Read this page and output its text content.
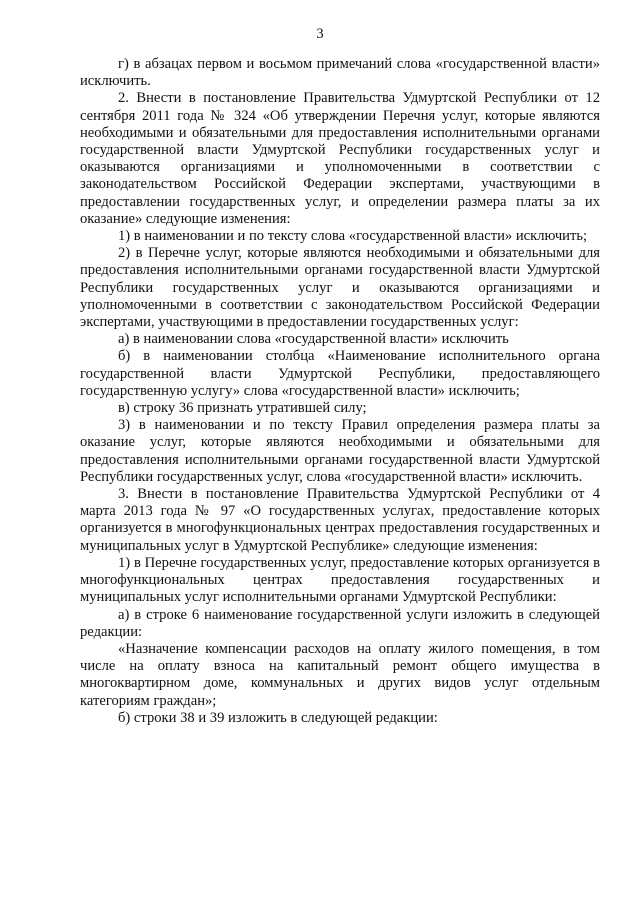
3

г) в абзацах первом и восьмом примечаний слова «государственной власти» исключить.

2. Внести в постановление Правительства Удмуртской Республики от 12 сентября 2011 года № 324 «Об утверждении Перечня услуг, которые являются необходимыми и обязательными для предоставления исполнительными органами государственной власти Удмуртской Республики государственных услуг и оказываются организациями и уполномоченными в соответствии с законодательством Российской Федерации экспертами, участвующими в предоставлении государственных услуг, и определении размера платы за их оказание» следующие изменения:

1) в наименовании и по тексту слова «государственной власти» исключить;

2) в Перечне услуг, которые являются необходимыми и обязательными для предоставления исполнительными органами государственной власти Удмуртской Республики государственных услуг и оказываются организациями и уполномоченными в соответствии с законодательством Российской Федерации экспертами, участвующими в предоставлении государственных услуг:

а) в наименовании слова «государственной власти» исключить

б) в наименовании столбца «Наименование исполнительного органа государственной власти Удмуртской Республики, предоставляющего государственную услугу» слова «государственной власти» исключить;

в) строку 36 признать утратившей силу;

3) в наименовании и по тексту Правил определения размера платы за оказание услуг, которые являются необходимыми и обязательными для предоставления исполнительными органами государственной власти Удмуртской Республики государственных услуг, слова «государственной власти» исключить.

3. Внести в постановление Правительства Удмуртской Республики от 4 марта 2013 года № 97 «О государственных услугах, предоставление которых организуется в многофункциональных центрах предоставления государственных и муниципальных услуг в Удмуртской Республике» следующие изменения:

1) в Перечне государственных услуг, предоставление которых организуется в многофункциональных центрах предоставления государственных и муниципальных услуг исполнительными органами Удмуртской Республики:

а) в строке 6 наименование государственной услуги изложить в следующей редакции:

«Назначение компенсации расходов на оплату жилого помещения, в том числе на оплату взноса на капитальный ремонт общего имущества в многоквартирном доме, коммунальных и других видов услуг отдельным категориям граждан»;

б) строки 38 и 39 изложить в следующей редакции:
